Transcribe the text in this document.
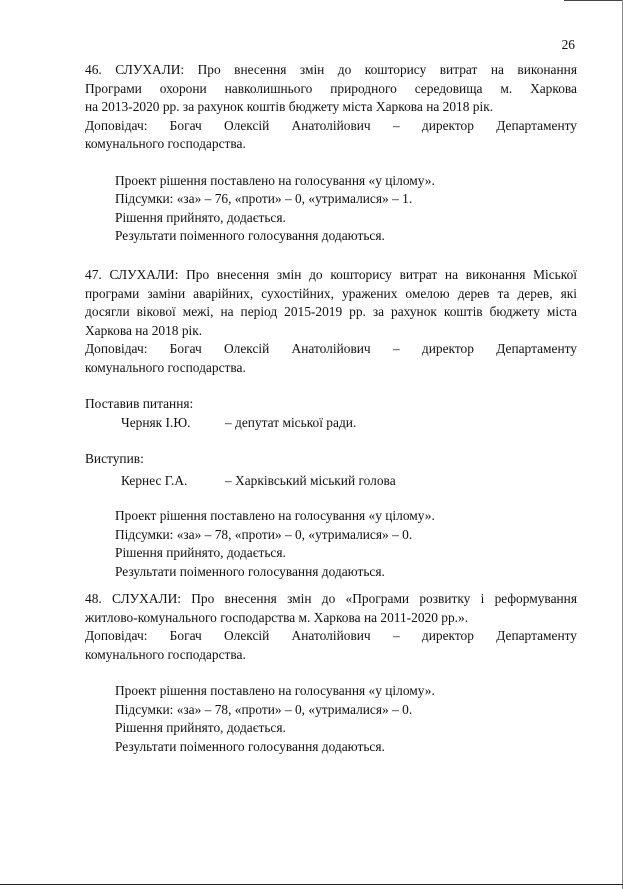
26
46. СЛУХАЛИ: Про внесення змін до кошторису витрат на виконання
Програми охорони навколишнього природного середовища м. Харкова
на 2013-2020 рр. за рахунок коштів бюджету міста Харкова на 2018 рік.
Доповідач: Богач Олексій Анатолійович – директор Департаменту
комунального господарства.
Проект рішення поставлено на голосування «у цілому».
Підсумки: «за» – 76, «проти» – 0, «утрималися» – 1.
Рішення прийнято, додається.
Результати поіменного голосування додаються.
47. СЛУХАЛИ: Про внесення змін до кошторису витрат на виконання Міської
програми заміни аварійних, сухостійних, уражених омелою дерев та дерев, які
досягли вікової межі, на період 2015-2019 рр. за рахунок коштів бюджету міста
Харкова на 2018 рік.
Доповідач: Богач Олексій Анатолійович – директор Департаменту
комунального господарства.
Поставив питання:
Черняк І.Ю.	– депутат міської ради.
Виступив:
Кернес Г.А.	– Харківський міський голова
Проект рішення поставлено на голосування «у цілому».
Підсумки: «за» – 78, «проти» – 0, «утрималися» – 0.
Рішення прийнято, додається.
Результати поіменного голосування додаються.
48. СЛУХАЛИ: Про внесення змін до «Програми розвитку і реформування
житлово-комунального господарства м. Харкова на 2011-2020 рр.».
Доповідач: Богач Олексій Анатолійович – директор Департаменту
комунального господарства.
Проект рішення поставлено на голосування «у цілому».
Підсумки: «за» – 78, «проти» – 0, «утрималися» – 0.
Рішення прийнято, додається.
Результати поіменного голосування додаються.
